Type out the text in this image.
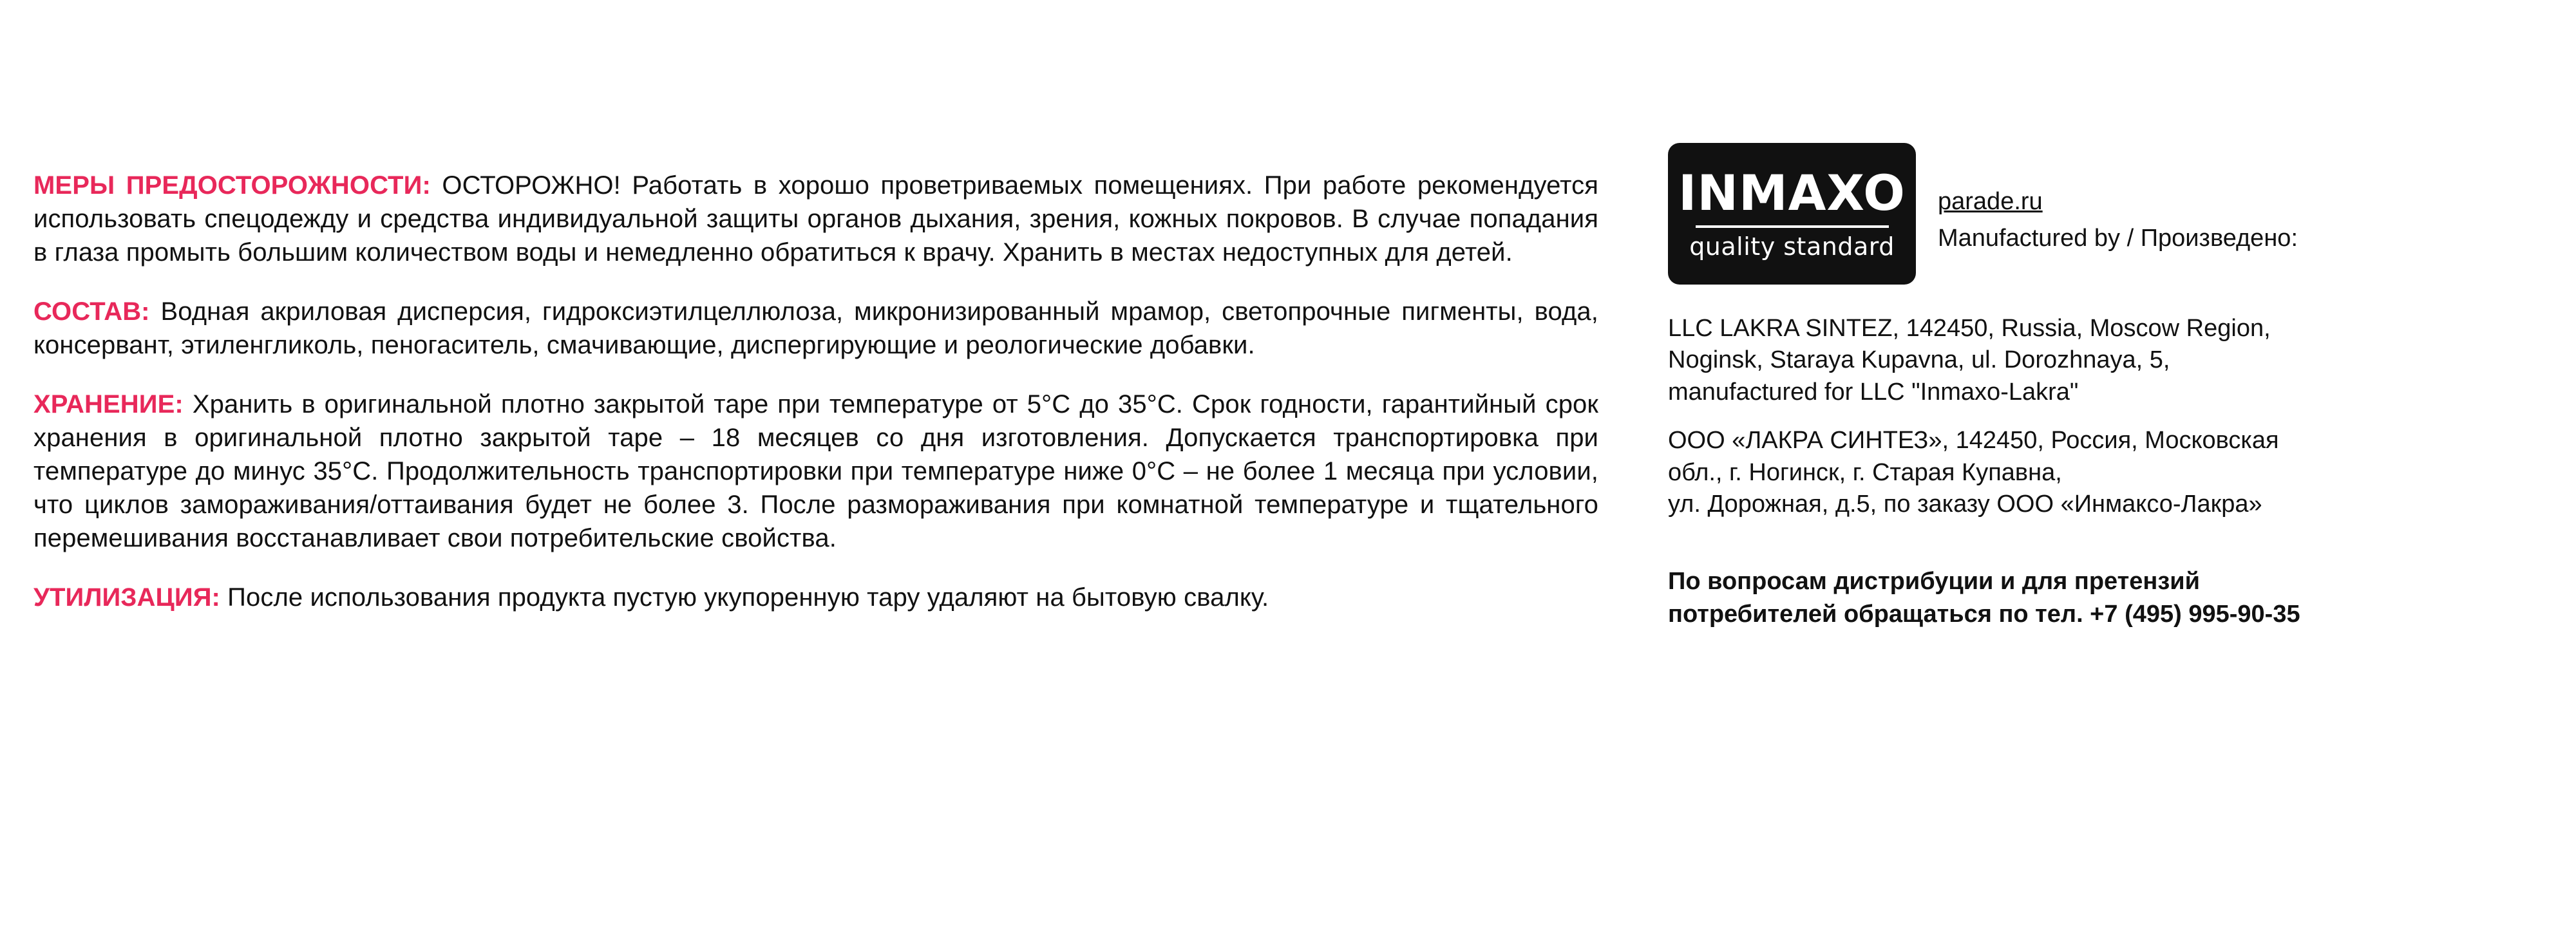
МЕРЫ ПРЕДОСТОРОЖНОСТИ: ОСТОРОЖНО! Работать в хорошо проветриваемых помещениях. При работе рекомендуется использовать спецодежду и средства индивидуальной защиты органов дыхания, зрения, кожных покровов. В случае попадания в глаза промыть большим количеством воды и немедленно обратиться к врачу. Хранить в местах недоступных для детей.

СОСТАВ: Водная акриловая дисперсия, гидроксиэтилцеллюлоза, микронизированный мрамор, светопрочные пигменты, вода, консервант, этиленгликоль, пеногаситель, смачивающие, диспергирующие и реологические добавки.

ХРАНЕНИЕ: Хранить в оригинальной плотно закрытой таре при температуре от 5°С до 35°С. Срок годности, гарантийный срок хранения в оригинальной плотно закрытой таре – 18 месяцев со дня изготовления. Допускается транспортировка при температуре до минус 35°С. Продолжительность транспортировки при температуре ниже 0°С – не более 1 месяца при условии, что циклов замораживания/оттаивания будет не более 3. После размораживания при комнатной температуре и тщательного перемешивания восстанавливает свои потребительские свойства.

УТИЛИЗАЦИЯ: После использования продукта пустую укупоренную тару удаляют на бытовую свалку.

INMAXO
quality standard
parade.ru
Manufactured by / Произведено:
LLC LAKRA SINTEZ, 142450, Russia, Moscow Region,
Noginsk, Staraya Kupavna, ul. Dorozhnaya, 5,
manufactured for LLC "Inmaxo-Lakra"
ООО «ЛАКРА СИНТЕЗ», 142450, Россия, Московская
обл., г. Ногинск, г. Старая Купавна,
ул. Дорожная, д.5, по заказу ООО «Инмаксо-Лакра»
По вопросам дистрибуции и для претензий
потребителей обращаться по тел. +7 (495) 995-90-35
